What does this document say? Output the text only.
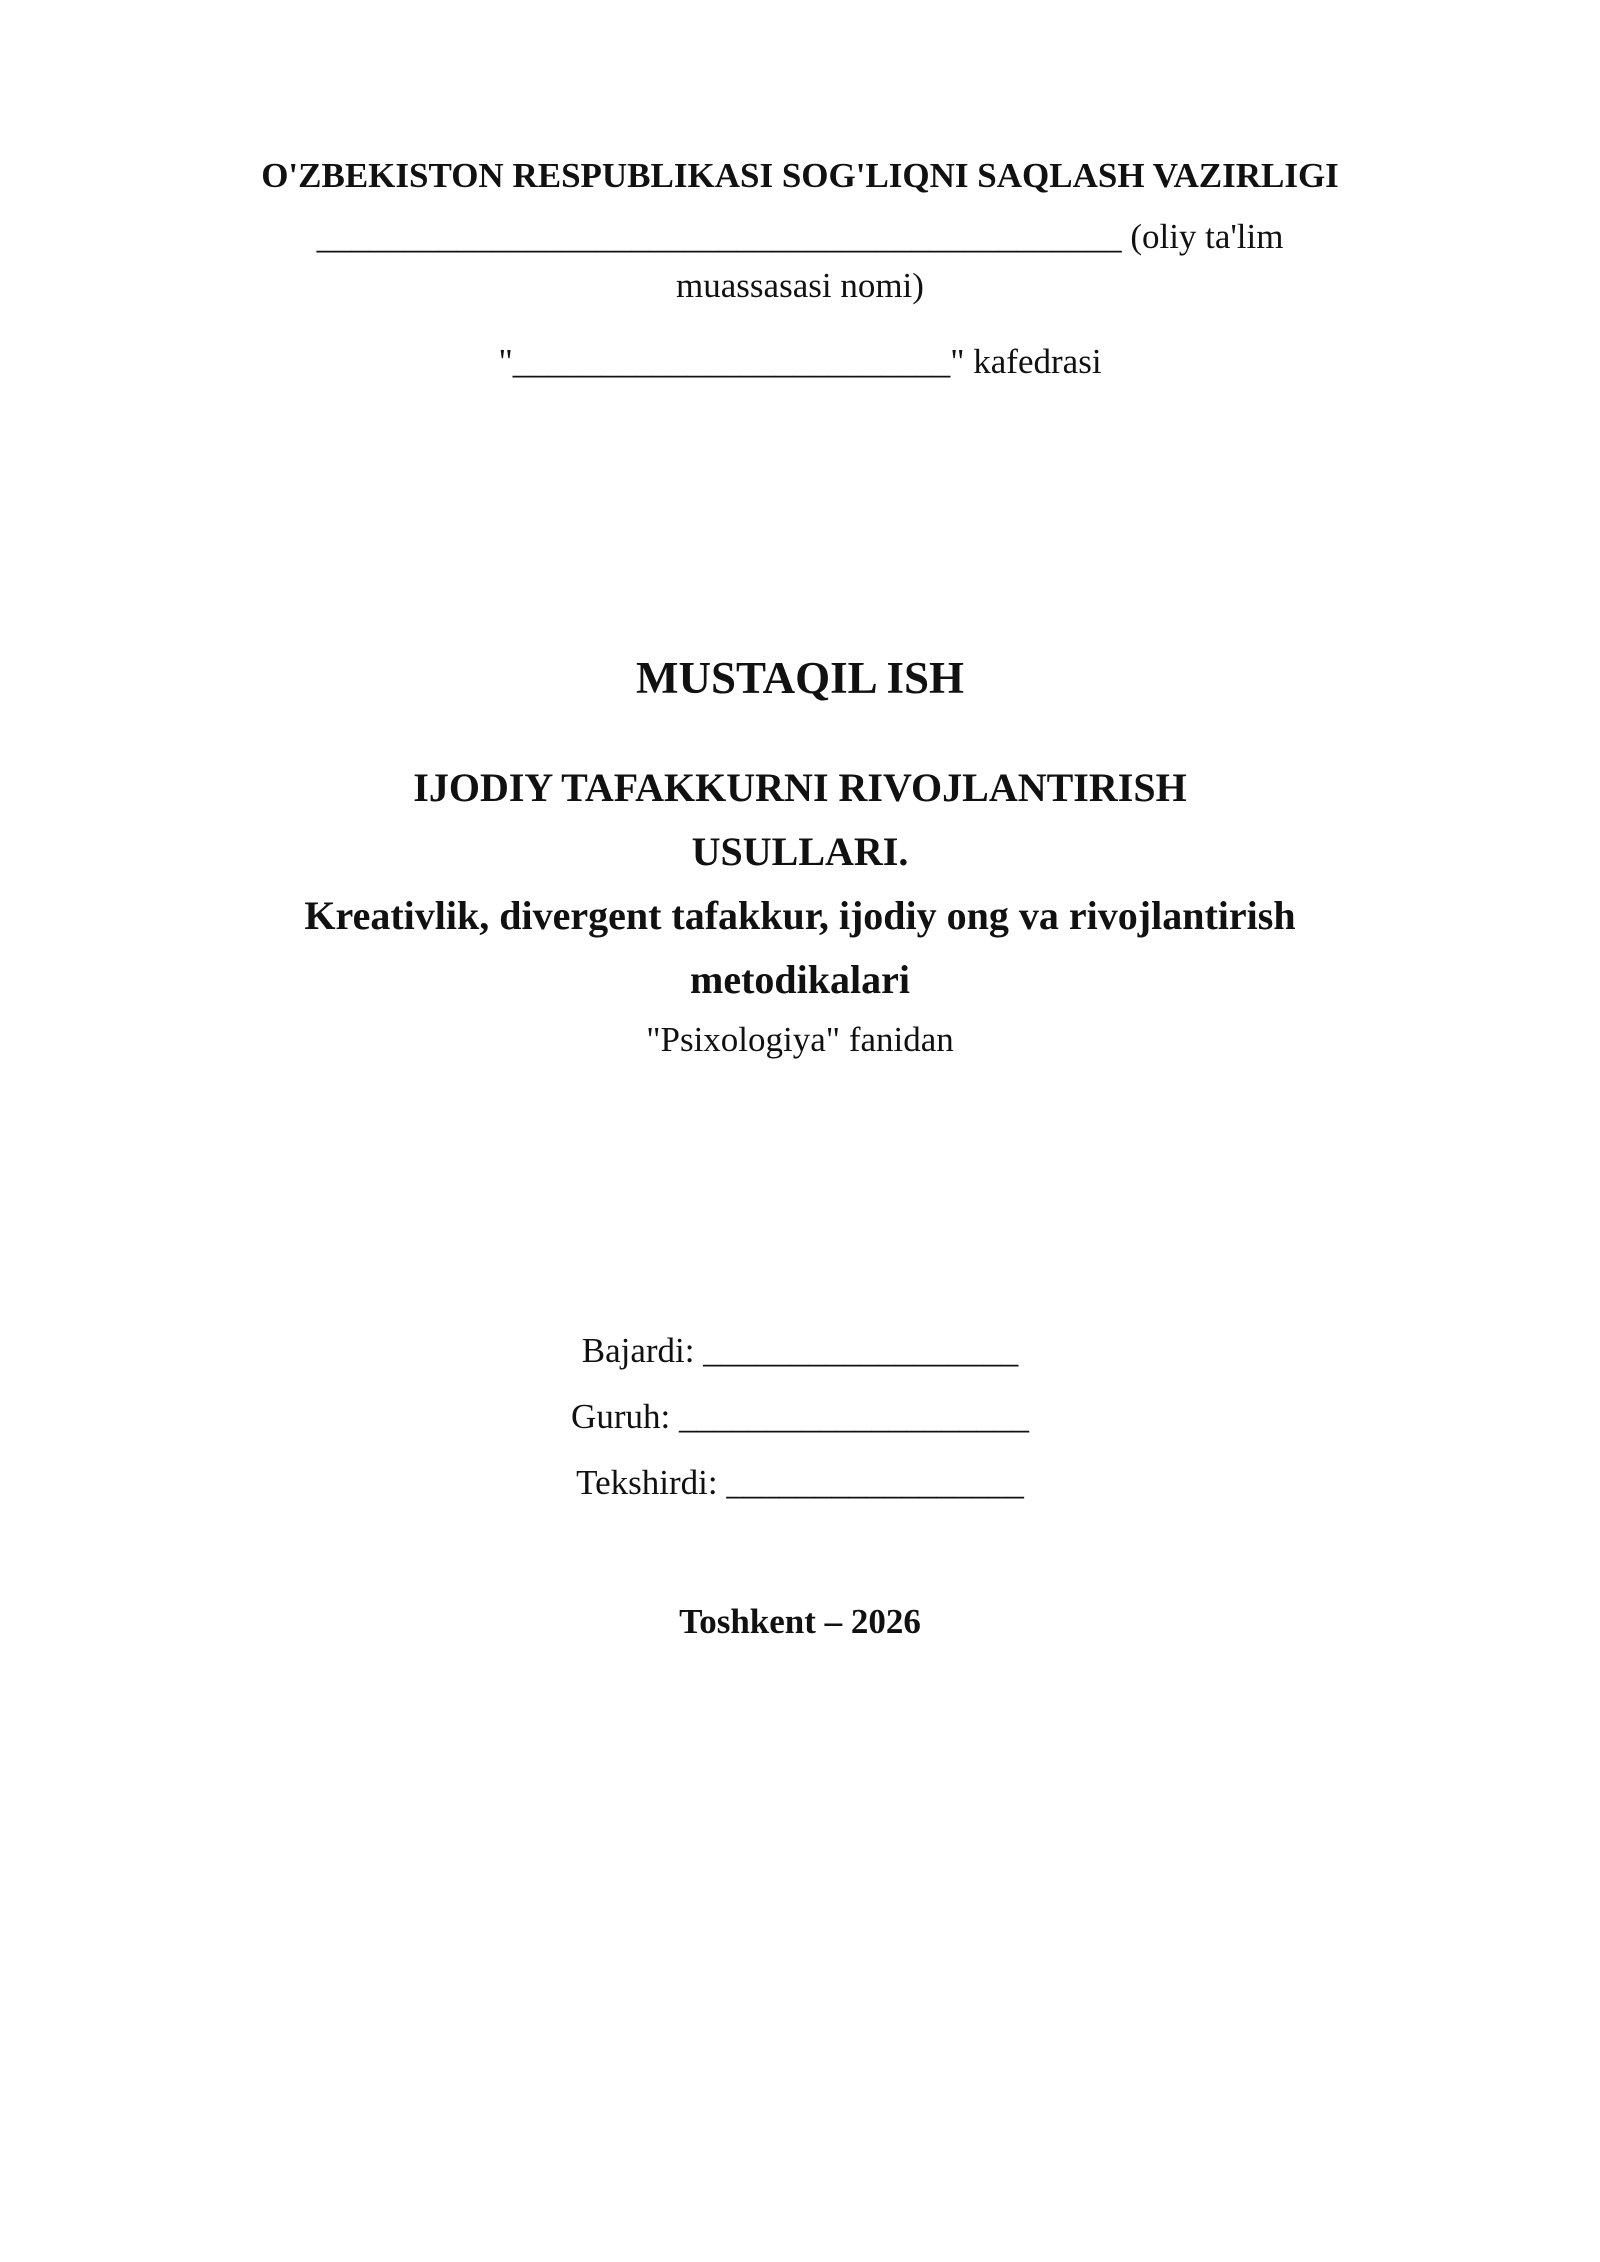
O'ZBEKISTON RESPUBLIKASI SOG'LIQNI SAQLASH VAZIRLIGI
______________________________________________ (oliy ta'lim
muassasasi nomi)
"_________________________" kafedrasi
MUSTAQIL ISH
IJODIY TAFAKKURNI RIVOJLANTIRISH USULLARI.
Kreativlik, divergent tafakkur, ijodiy ong va rivojlantirish
metodikalari
"Psixologiya" fanidan
Bajardi: __________________
Guruh: ____________________
Tekshirdi: _________________
Toshkent – 2026
